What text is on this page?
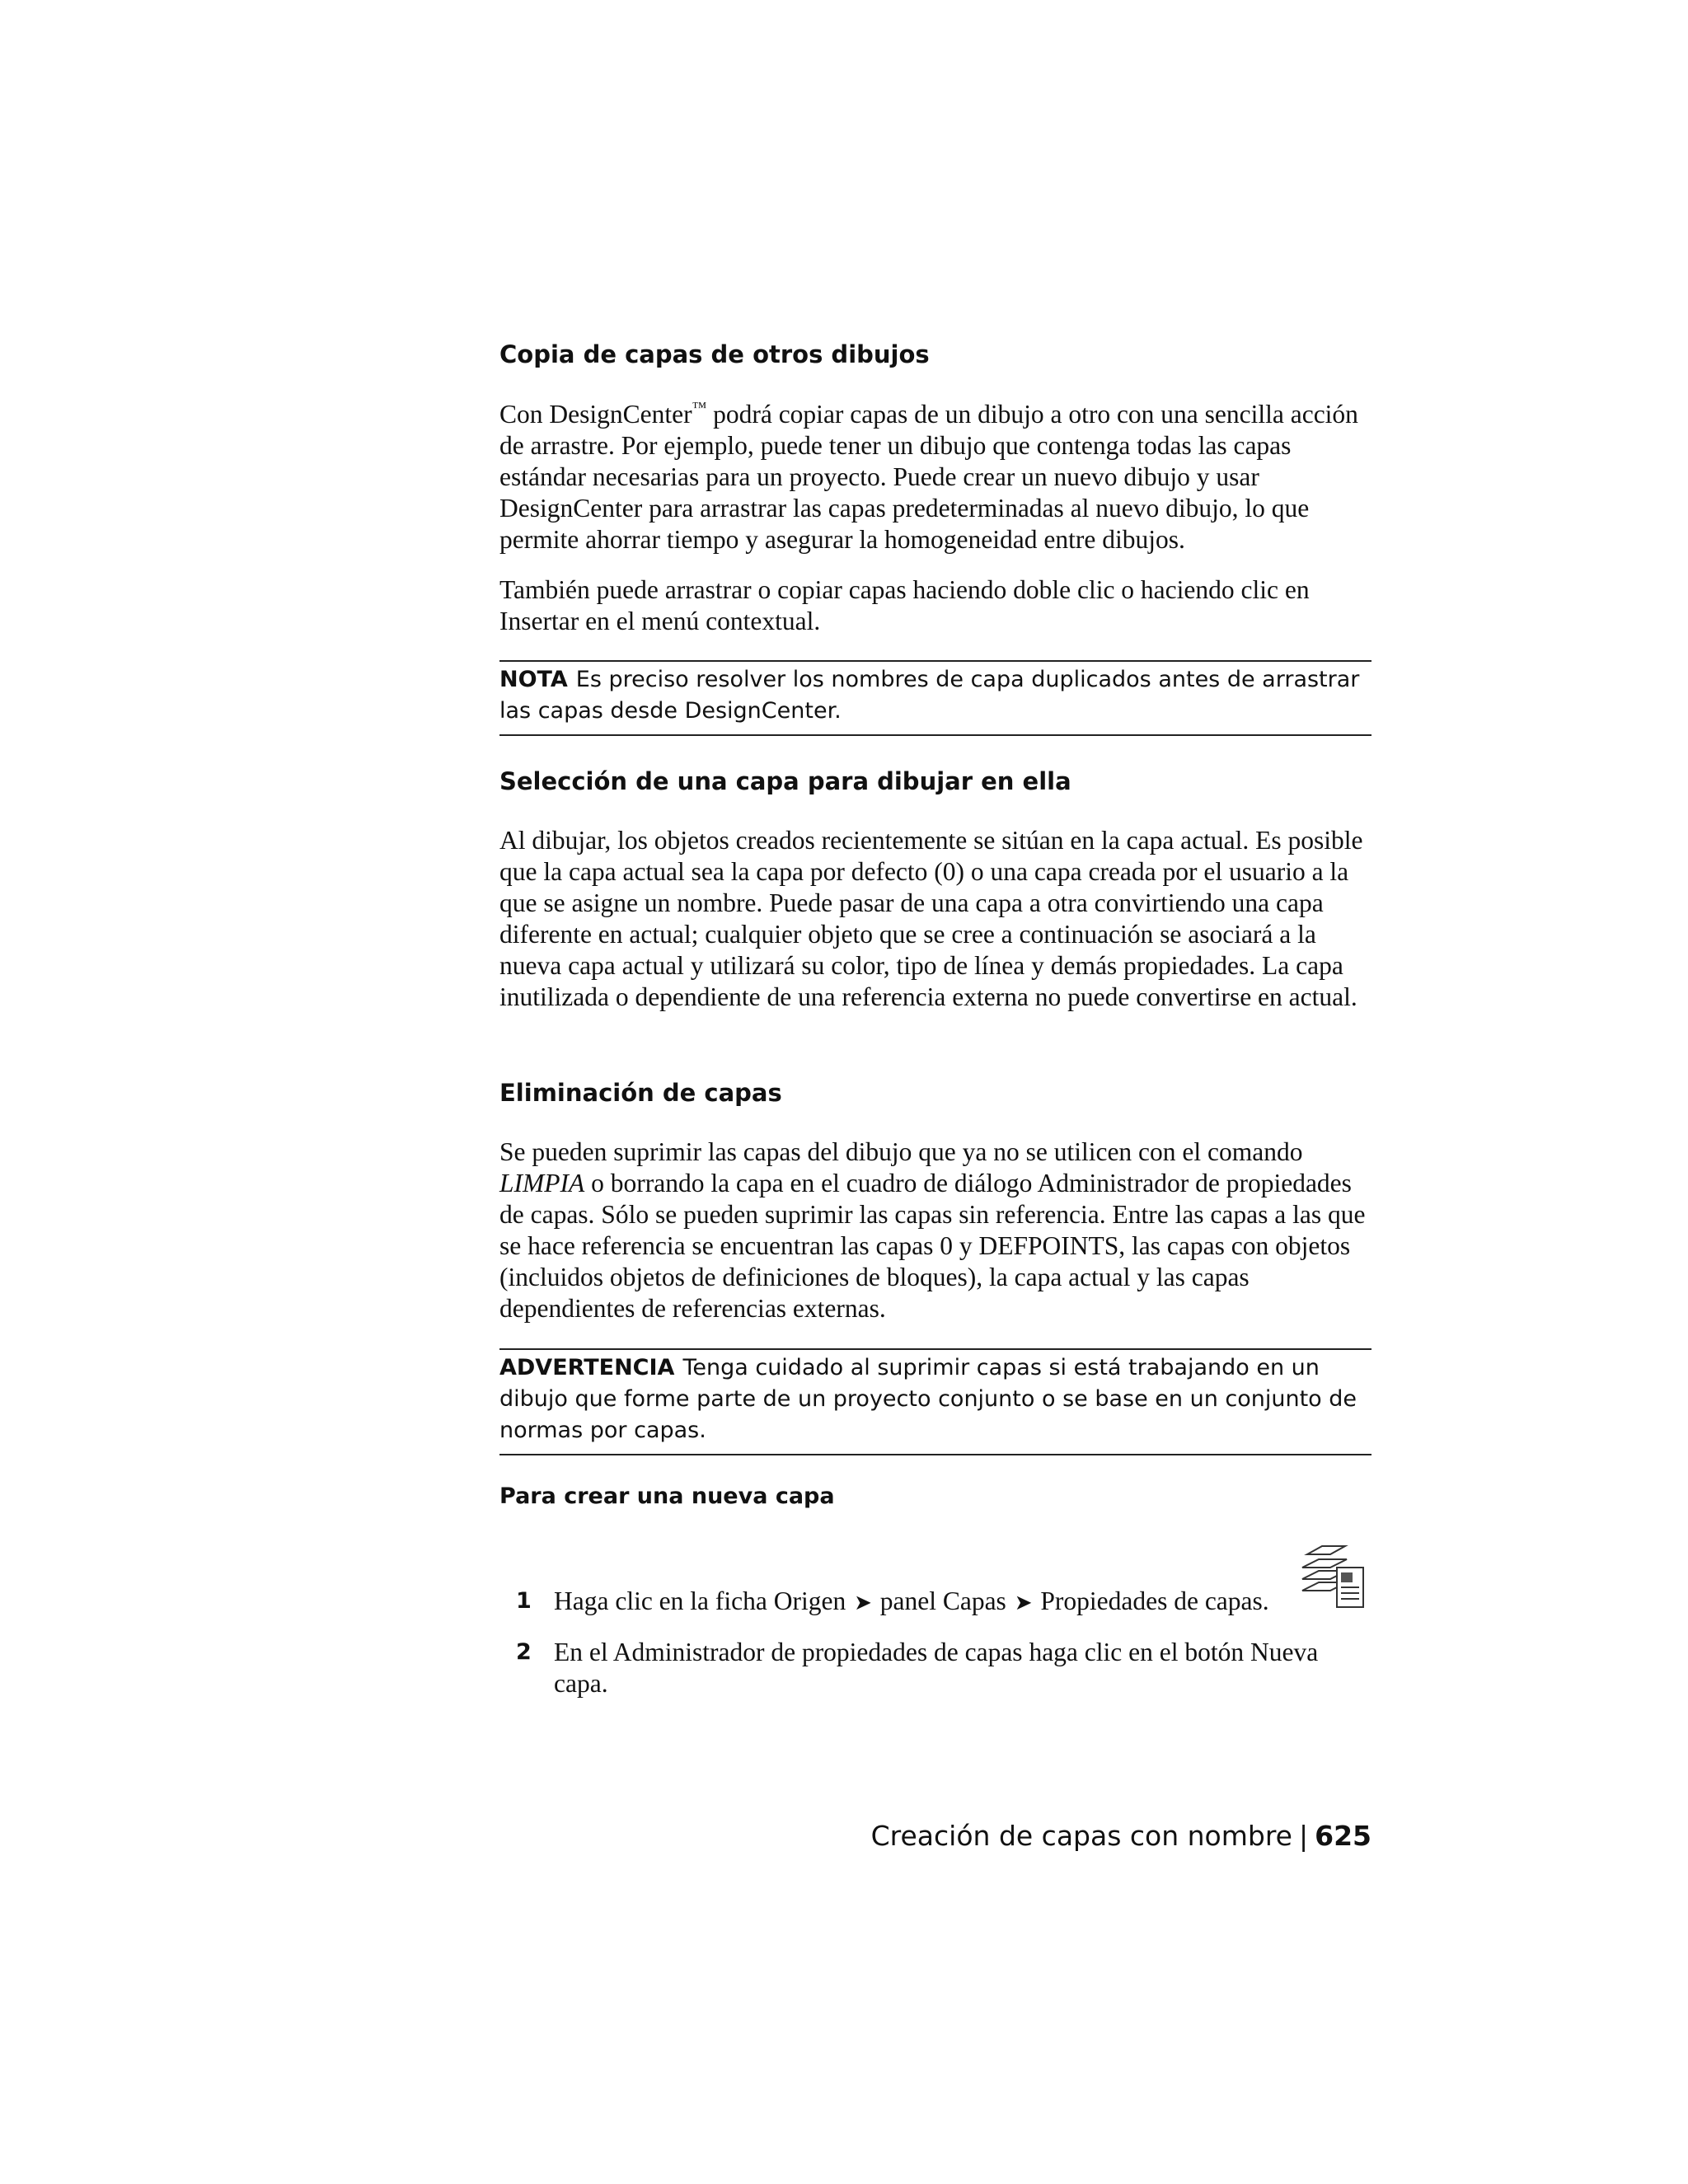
Copia de capas de otros dibujos

Con DesignCenter™ podrá copiar capas de un dibujo a otro con una sencilla acción de arrastre. Por ejemplo, puede tener un dibujo que contenga todas las capas estándar necesarias para un proyecto. Puede crear un nuevo dibujo y usar DesignCenter para arrastrar las capas predeterminadas al nuevo dibujo, lo que permite ahorrar tiempo y asegurar la homogeneidad entre dibujos.

También puede arrastrar o copiar capas haciendo doble clic o haciendo clic en Insertar en el menú contextual.

NOTA Es preciso resolver los nombres de capa duplicados antes de arrastrar las capas desde DesignCenter.

Selección de una capa para dibujar en ella

Al dibujar, los objetos creados recientemente se sitúan en la capa actual. Es posible que la capa actual sea la capa por defecto (0) o una capa creada por el usuario a la que se asigne un nombre. Puede pasar de una capa a otra convirtiendo una capa diferente en actual; cualquier objeto que se cree a continuación se asociará a la nueva capa actual y utilizará su color, tipo de línea y demás propiedades. La capa inutilizada o dependiente de una referencia externa no puede convertirse en actual.

Eliminación de capas

Se pueden suprimir las capas del dibujo que ya no se utilicen con el comando LIMPIA o borrando la capa en el cuadro de diálogo Administrador de propiedades de capas. Sólo se pueden suprimir las capas sin referencia. Entre las capas a las que se hace referencia se encuentran las capas 0 y DEFPOINTS, las capas con objetos (incluidos objetos de definiciones de bloques), la capa actual y las capas dependientes de referencias externas.

ADVERTENCIA Tenga cuidado al suprimir capas si está trabajando en un dibujo que forme parte de un proyecto conjunto o se base en un conjunto de normas por capas.

Para crear una nueva capa
1 Haga clic en la ficha Origen ➤ panel Capas ➤ Propiedades de capas.
2 En el Administrador de propiedades de capas haga clic en el botón Nueva capa.
Creación de capas con nombre | 625
